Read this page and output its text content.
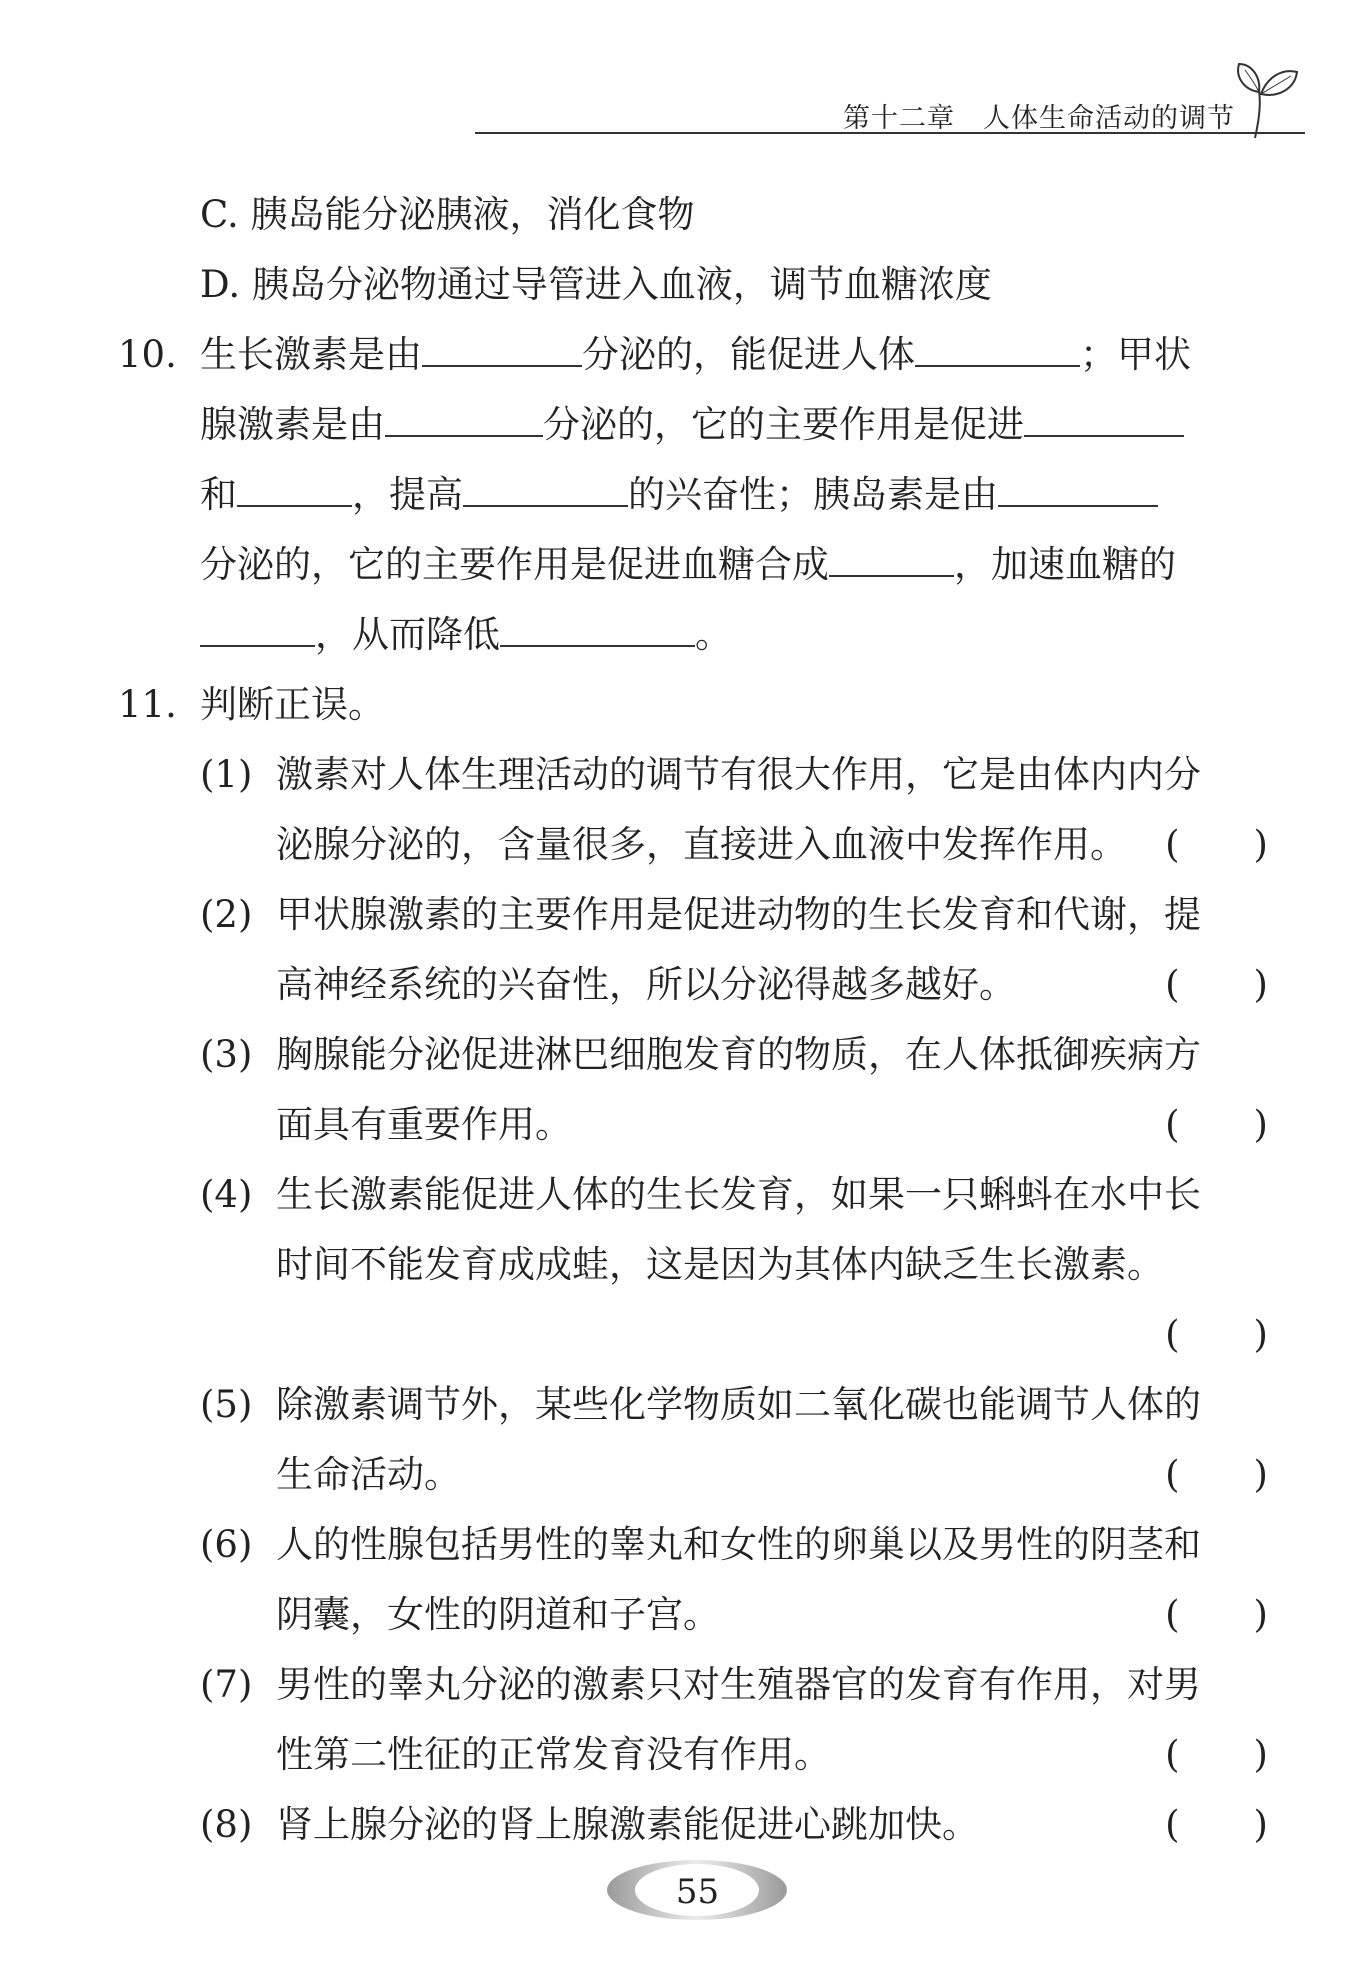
第十二章　人体生命活动的调节
C. 胰岛能分泌胰液，消化食物
D. 胰岛分泌物通过导管进入血液，调节血糖浓度
10. 生长激素是由	分泌的，能促进人体	；甲状
腺激素是由	分泌的，它的主要作用是促进
和	，提高	的兴奋性；胰岛素是由
分泌的，它的主要作用是促进血糖合成	，加速血糖的
，从而降低	。
11. 判断正误。
(1) 激素对人体生理活动的调节有很大作用，它是由体内内分
泌腺分泌的，含量很多，直接进入血液中发挥作用。 (　　)
(2) 甲状腺激素的主要作用是促进动物的生长发育和代谢，提
高神经系统的兴奋性，所以分泌得越多越好。	(　　)
(3) 胸腺能分泌促进淋巴细胞发育的物质，在人体抵御疾病方
面具有重要作用。	(　　)
(4) 生长激素能促进人体的生长发育，如果一只蝌蚪在水中长
时间不能发育成成蛙，这是因为其体内缺乏生长激素。
(　　)
(5) 除激素调节外，某些化学物质如二氧化碳也能调节人体的
生命活动。	(　　)
(6) 人的性腺包括男性的睾丸和女性的卵巢以及男性的阴茎和
阴囊，女性的阴道和子宫。	(　　)
(7) 男性的睾丸分泌的激素只对生殖器官的发育有作用，对男
性第二性征的正常发育没有作用。	(　　)
(8) 肾上腺分泌的肾上腺激素能促进心跳加快。	(　　)
55
